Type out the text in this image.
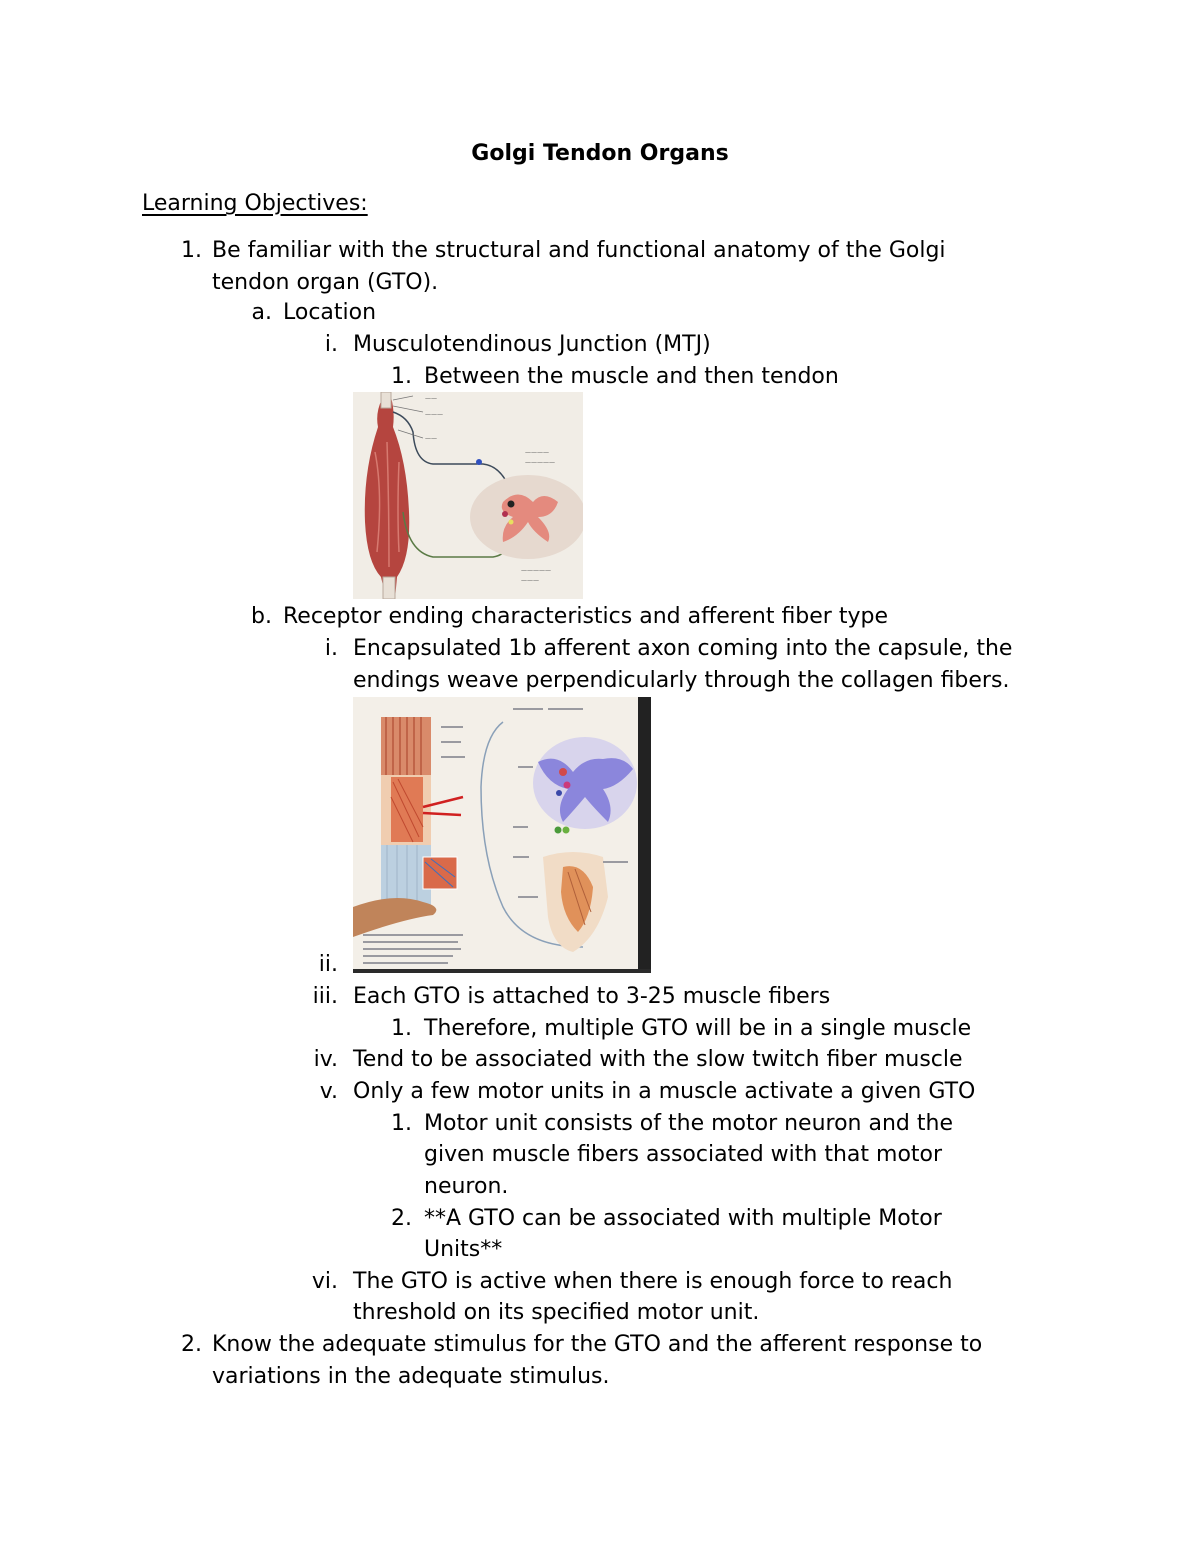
Golgi Tendon Organs
Learning Objectives:
1. Be familiar with the structural and functional anatomy of the Golgi
tendon organ (GTO).
a. Location
i. Musculotendinous Junction (MTJ)
1. Between the muscle and then tendon
——
———
——
————
—————
—————
———
b. Receptor ending characteristics and afferent fiber type
i. Encapsulated 1b afferent axon coming into the capsule, the
endings weave perpendicularly through the collagen fibers.
ii.
iii. Each GTO is attached to 3-25 muscle fibers
1. Therefore, multiple GTO will be in a single muscle
iv. Tend to be associated with the slow twitch fiber muscle
v. Only a few motor units in a muscle activate a given GTO
1. Motor unit consists of the motor neuron and the
given muscle fibers associated with that motor
neuron.
2. **A GTO can be associated with multiple Motor
Units**
vi. The GTO is active when there is enough force to reach
threshold on its specified motor unit.
2. Know the adequate stimulus for the GTO and the afferent response to
variations in the adequate stimulus.
